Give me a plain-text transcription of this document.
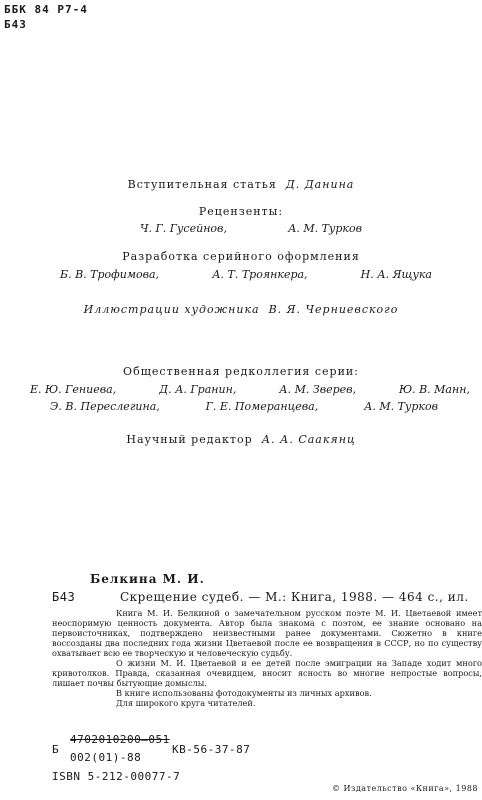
ББК 84 Р7-4
Б43
Вступительная статья Д. Данина
Рецензенты:
Ч. Г. Гусейнов,	А. М. Турков
Разработка серийного оформления
Б. В. Трофимова,	А. Т. Троянкера,	Н. А. Ящука
Иллюстрации художника В. Я. Черниевского
Общественная редколлегия серии:
Е. Ю. Гениева,	Д. А. Гранин,	А. М. Зверев,	Ю. В. Манн,
Э. В. Переслегина,	Г. Е. Померанцева,	А. М. Турков
Научный редактор А. А. Саакянц
Белкина М. И.
Б43	Скрещение судеб. — М.: Книга, 1988. — 464 с., ил.

Книга М. И. Белкиной о замечательном русском поэте М. И. Цветаевой имеет неоспоримую ценность документа. Автор была знакома с поэтом, ее знание основано на первоисточниках, подтверждено неизвестными ранее документами. Сюжетно в книге воссозданы два последних года жизни Цветаевой после ее возвращения в СССР, но по существу охватывает всю ее творческую и человеческую судьбу.

О жизни М. И. Цветаевой и ее детей после эмиграции на Западе ходит много кривотолков. Правда, сказанная очевидцем, вносит ясность во многие непростые вопросы, лишает почвы бытующие домыслы.

В книге использованы фотодокументы из личных архивов.

Для широкого круга читателей.

4702010200—051
Б
002(01)-88
КВ-56-37-87
ISBN 5-212-00077-7
© Издательство «Книга», 1988
